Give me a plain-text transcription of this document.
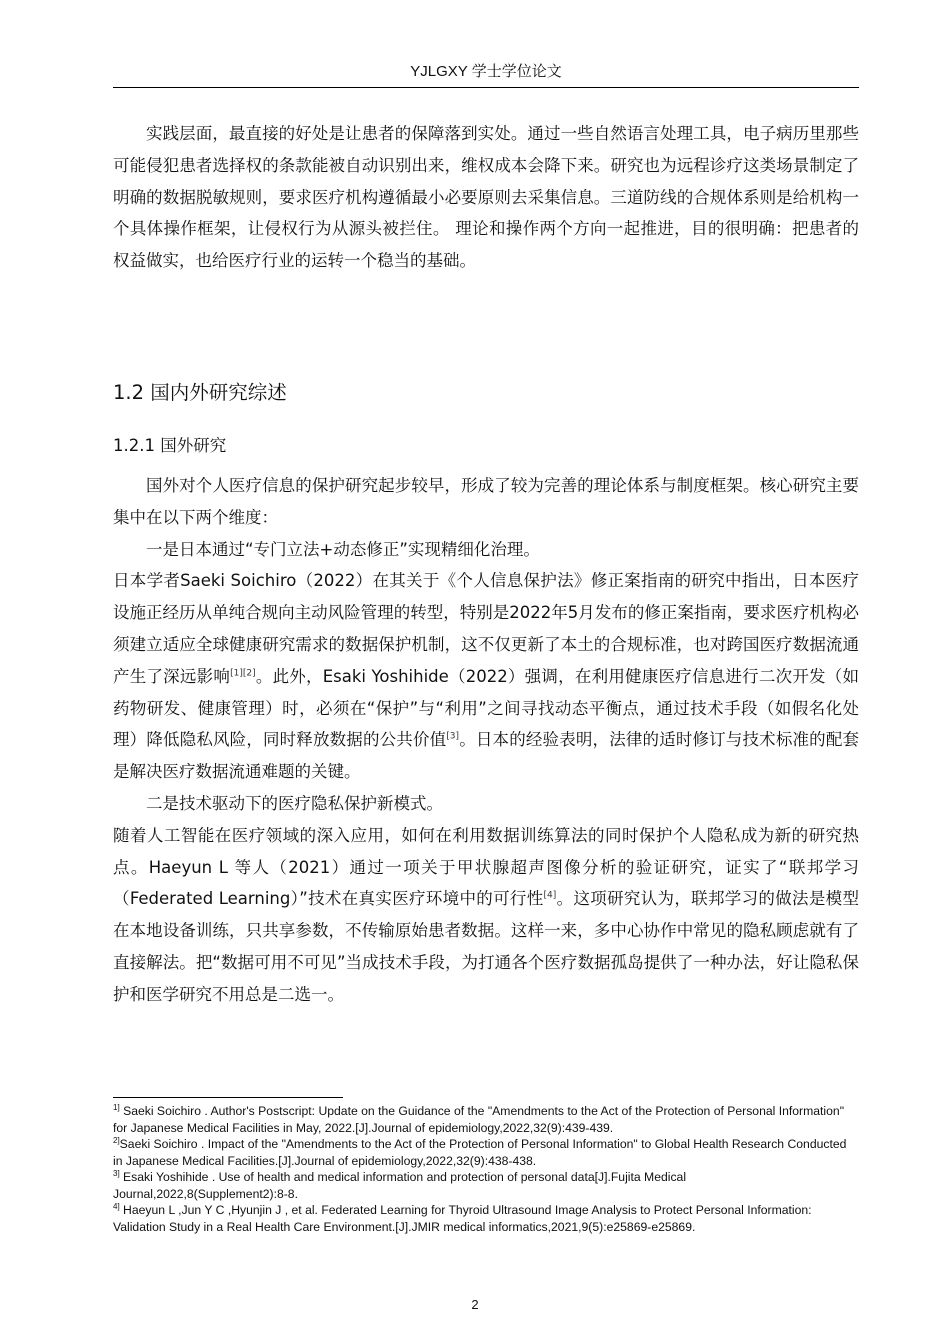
YJLGXY 学士学位论文

实践层面，最直接的好处是让患者的保障落到实处。通过一些自然语言处理工具，电子病历里那些可能侵犯患者选择权的条款能被自动识别出来，维权成本会降下来。研究也为远程诊疗这类场景制定了明确的数据脱敏规则，要求医疗机构遵循最小必要原则去采集信息。三道防线的合规体系则是给机构一个具体操作框架，让侵权行为从源头被拦住。 理论和操作两个方向一起推进，目的很明确：把患者的权益做实，也给医疗行业的运转一个稳当的基础。

1.2 国内外研究综述
1.2.1 国外研究

国外对个人医疗信息的保护研究起步较早，形成了较为完善的理论体系与制度框架。核心研究主要集中在以下两个维度：

一是日本通过“专门立法+动态修正”实现精细化治理。

日本学者Saeki Soichiro（2022）在其关于《个人信息保护法》修正案指南的研究中指出，日本医疗设施正经历从单纯合规向主动风险管理的转型，特别是2022年5月发布的修正案指南，要求医疗机构必须建立适应全球健康研究需求的数据保护机制，这不仅更新了本土的合规标准，也对跨国医疗数据流通产生了深远影响[1][2]。此外，Esaki Yoshihide（2022）强调，在利用健康医疗信息进行二次开发（如药物研发、健康管理）时，必须在“保护”与“利用”之间寻找动态平衡点，通过技术手段（如假名化处理）降低隐私风险，同时释放数据的公共价值[3]。日本的经验表明，法律的适时修订与技术标准的配套是解决医疗数据流通难题的关键。

二是技术驱动下的医疗隐私保护新模式。

随着人工智能在医疗领域的深入应用，如何在利用数据训练算法的同时保护个人隐私成为新的研究热点。Haeyun L 等人（2021）通过一项关于甲状腺超声图像分析的验证研究，证实了“联邦学习（Federated Learning）”技术在真实医疗环境中的可行性[4]。这项研究认为，联邦学习的做法是模型在本地设备训练，只共享参数，不传输原始患者数据。这样一来，多中心协作中常见的隐私顾虑就有了直接解法。把“数据可用不可见”当成技术手段，为打通各个医疗数据孤岛提供了一种办法，好让隐私保护和医学研究不用总是二选一。

$^{1]}$ Saeki Soichiro . Author's Postscript: Update on the Guidance of the "Amendments to the Act of the Protection of Personal Information" for Japanese Medical Facilities in May, 2022.[J].Journal of epidemiology,2022,32(9):439-439.

$^{2]}$Saeki Soichiro . Impact of the "Amendments to the Act of the Protection of Personal Information" to Global Health Research Conducted in Japanese Medical Facilities.[J].Journal of epidemiology,2022,32(9):438-438.

$^{3]}$ Esaki Yoshihide . Use of health and medical information and protection of personal data[J].Fujita Medical Journal,2022,8(Supplement2):8-8.

$^{4]}$ Haeyun L ,Jun Y C ,Hyunjin J , et al. Federated Learning for Thyroid Ultrasound Image Analysis to Protect Personal Information: Validation Study in a Real Health Care Environment.[J].JMIR medical informatics,2021,9(5):e25869-e25869.

2
